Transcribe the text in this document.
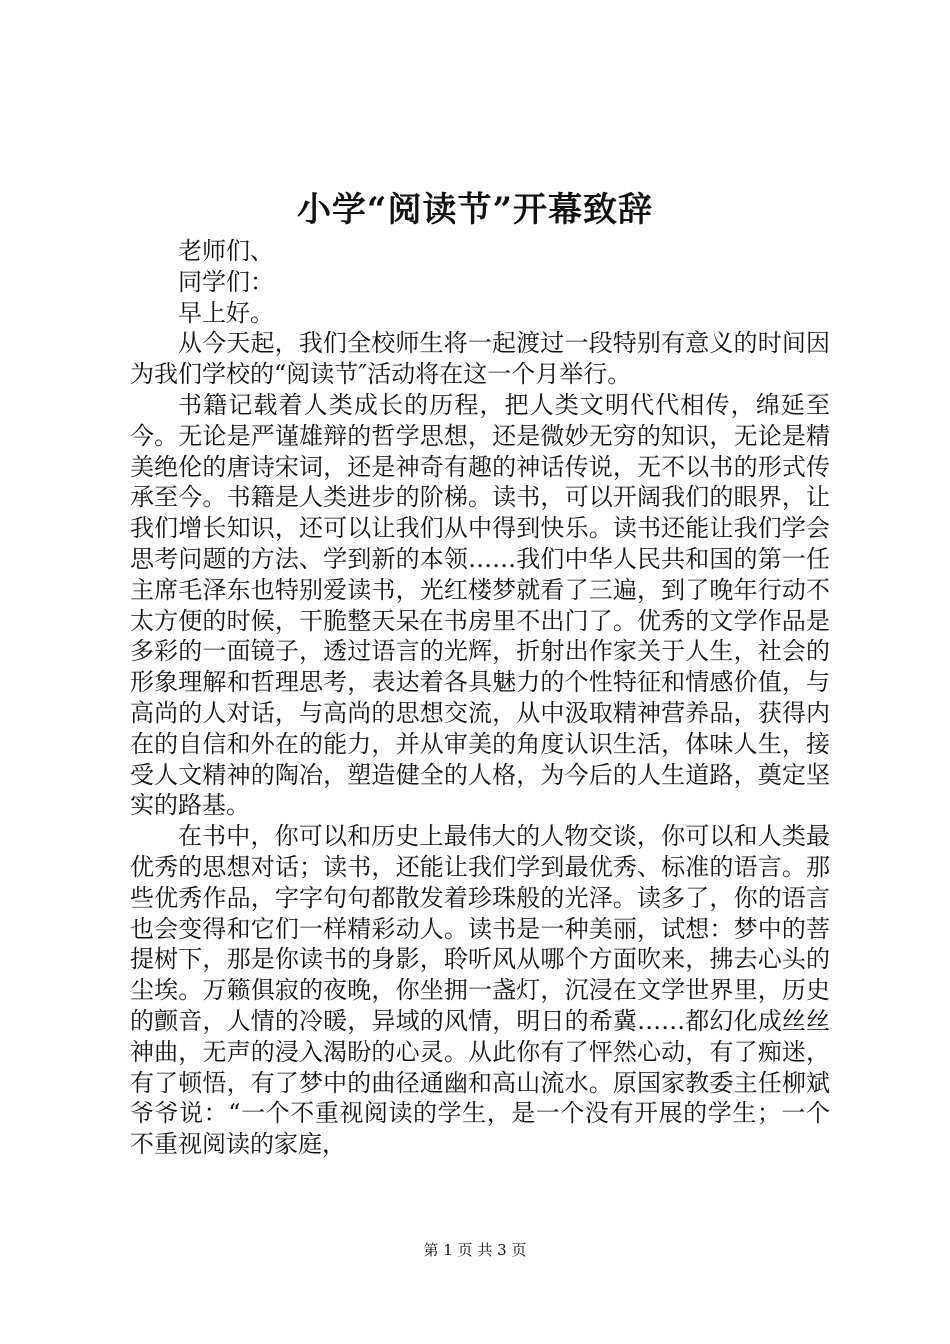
小学“阅读节”开幕致辞

老师们、

同学们：

早上好。

从今天起，我们全校师生将一起渡过一段特别有意义的时间因为我们学校的“阅读节″活动将在这一个月举行。

书籍记载着人类成长的历程，把人类文明代代相传，绵延至今。无论是严谨雄辩的哲学思想，还是微妙无穷的知识，无论是精美绝伦的唐诗宋词，还是神奇有趣的神话传说，无不以书的形式传承至今。书籍是人类进步的阶梯。读书，可以开阔我们的眼界，让我们增长知识，还可以让我们从中得到快乐。读书还能让我们学会思考问题的方法、学到新的本领……我们中华人民共和国的第一任主席毛泽东也特别爱读书，光红楼梦就看了三遍，到了晚年行动不太方便的时候，干脆整天呆在书房里不出门了。优秀的文学作品是多彩的一面镜子，透过语言的光辉，折射出作家关于人生，社会的形象理解和哲理思考，表达着各具魅力的个性特征和情感价值，与高尚的人对话，与高尚的思想交流，从中汲取精神营养品，获得内在的自信和外在的能力，并从审美的角度认识生活，体味人生，接受人文精神的陶冶，塑造健全的人格，为今后的人生道路，奠定坚实的路基。

在书中，你可以和历史上最伟大的人物交谈，你可以和人类最优秀的思想对话；读书，还能让我们学到最优秀、标准的语言。那些优秀作品，字字句句都散发着珍珠般的光泽。读多了，你的语言也会变得和它们一样精彩动人。读书是一种美丽，试想：梦中的菩提树下，那是你读书的身影，聆听风从哪个方面吹来，拂去心头的尘埃。万籁俱寂的夜晚，你坐拥一盏灯，沉浸在文学世界里，历史的颤音，人情的冷暖，异域的风情，明日的希冀……都幻化成丝丝神曲，无声的浸入渴盼的心灵。从此你有了怦然心动，有了痴迷，有了顿悟，有了梦中的曲径通幽和高山流水。原国家教委主任柳斌爷爷说：“一个不重视阅读的学生，是一个没有开展的学生；一个不重视阅读的家庭，

第 1 页 共 3 页
